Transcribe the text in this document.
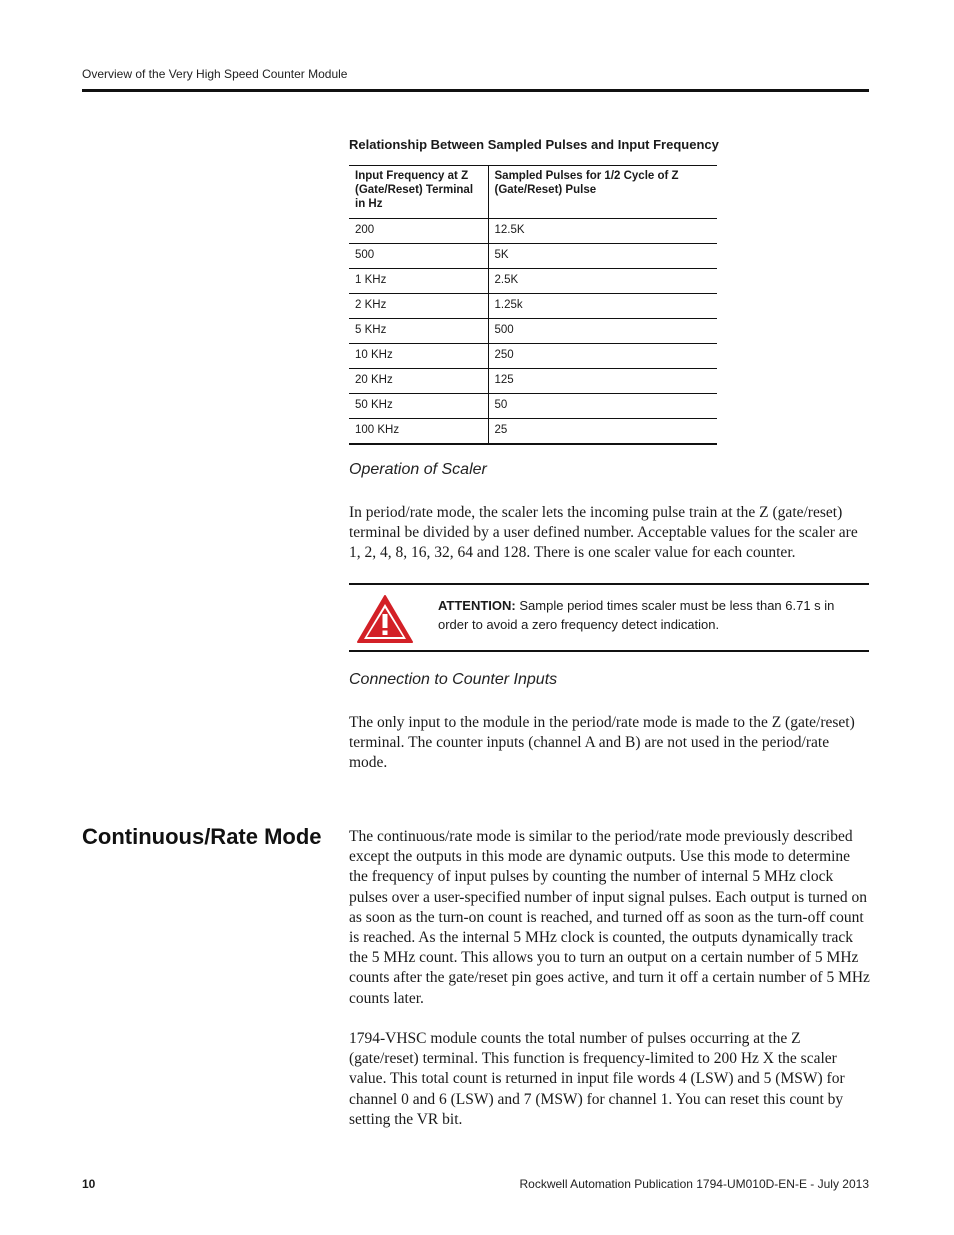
Overview of the Very High Speed Counter Module
Relationship Between Sampled Pulses and Input Frequency
Input Frequency at Z (Gate/Reset) Terminal in Hz	Sampled Pulses for 1/2 Cycle of Z (Gate/Reset) Pulse
200	12.5K
500	5K
1 KHz	2.5K
2 KHz	1.25k
5 KHz	500
10 KHz	250
20 KHz	125
50 KHz	50
100 KHz	25
Operation of Scaler
In period/rate mode, the scaler lets the incoming pulse train at the Z (gate/reset) terminal be divided by a user defined number. Acceptable values for the scaler are 1, 2, 4, 8, 16, 32, 64 and 128. There is one scaler value for each counter.
ATTENTION: Sample period times scaler must be less than 6.71 s in order to avoid a zero frequency detect indication.
Connection to Counter Inputs
The only input to the module in the period/rate mode is made to the Z (gate/reset) terminal. The counter inputs (channel A and B) are not used in the period/rate mode.
Continuous/Rate Mode The continuous/rate mode is similar to the period/rate mode previously described except the outputs in this mode are dynamic outputs. Use this mode to determine the frequency of input pulses by counting the number of internal 5 MHz clock pulses over a user-specified number of input signal pulses. Each output is turned on as soon as the turn-on count is reached, and turned off as soon as the turn-off count is reached. As the internal 5 MHz clock is counted, the outputs dynamically track the 5 MHz count. This allows you to turn an output on a certain number of 5 MHz counts after the gate/reset pin goes active, and turn it off a certain number of 5 MHz counts later.
1794-VHSC module counts the total number of pulses occurring at the Z (gate/reset) terminal. This function is frequency-limited to 200 Hz X the scaler value. This total count is returned in input file words 4 (LSW) and 5 (MSW) for channel 0 and 6 (LSW) and 7 (MSW) for channel 1. You can reset this count by setting the VR bit.
10	Rockwell Automation Publication 1794-UM010D-EN-E - July 2013
